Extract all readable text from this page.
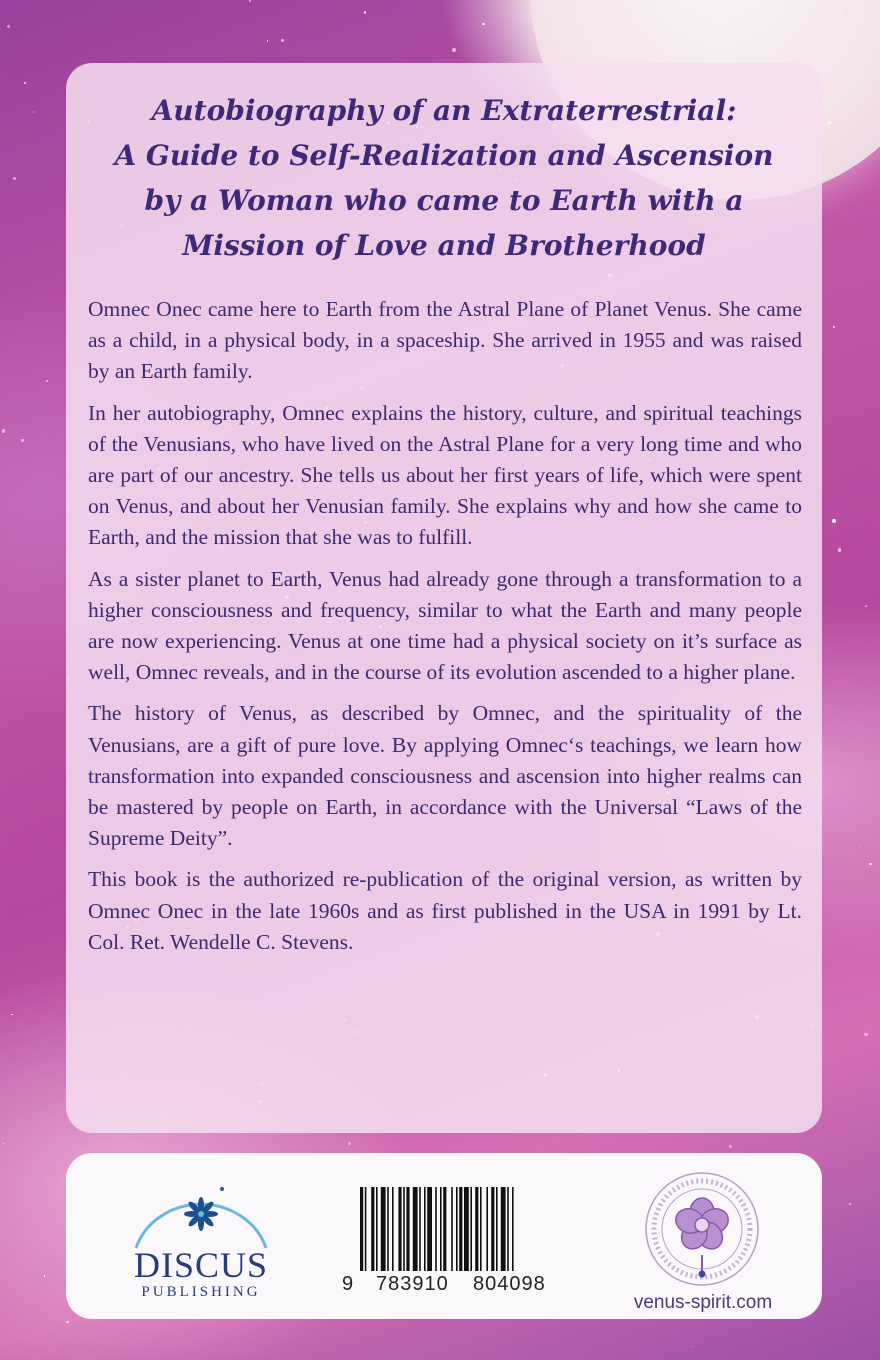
Autobiography of an Extraterrestrial:
A Guide to Self-Realization and Ascension
by a Woman who came to Earth with a
Mission of Love and Brotherhood

Omnec Onec came here to Earth from the Astral Plane of Planet Venus. She came as a child, in a physical body, in a spaceship. She arrived in 1955 and was raised by an Earth family.

In her autobiography, Omnec explains the history, culture, and spiritual teachings of the Venusians, who have lived on the Astral Plane for a very long time and who are part of our ancestry. She tells us about her first years of life, which were spent on Venus, and about her Venusian family. She explains why and how she came to Earth, and the mission that she was to fulfill.

As a sister planet to Earth, Venus had already gone through a transformation to a higher consciousness and frequency, similar to what the Earth and many people are now experiencing. Venus at one time had a physical society on it’s surface as well, Omnec reveals, and in the course of its evolution ascended to a higher plane.

The history of Venus, as described by Omnec, and the spirituality of the Venusians, are a gift of pure love. By applying Omnec‘s teachings, we learn how transformation into expanded consciousness and ascension into higher realms can be mastered by people on Earth, in accordance with the Universal “Laws of the Supreme Deity”.

This book is the authorized re-publication of the original version, as written by Omnec Onec in the late 1960s and as first published in the USA in 1991 by Lt. Col. Ret. Wendelle C. Stevens.

DISCUS
PUBLISHING	9 783910 804098
venus-spirit.com
